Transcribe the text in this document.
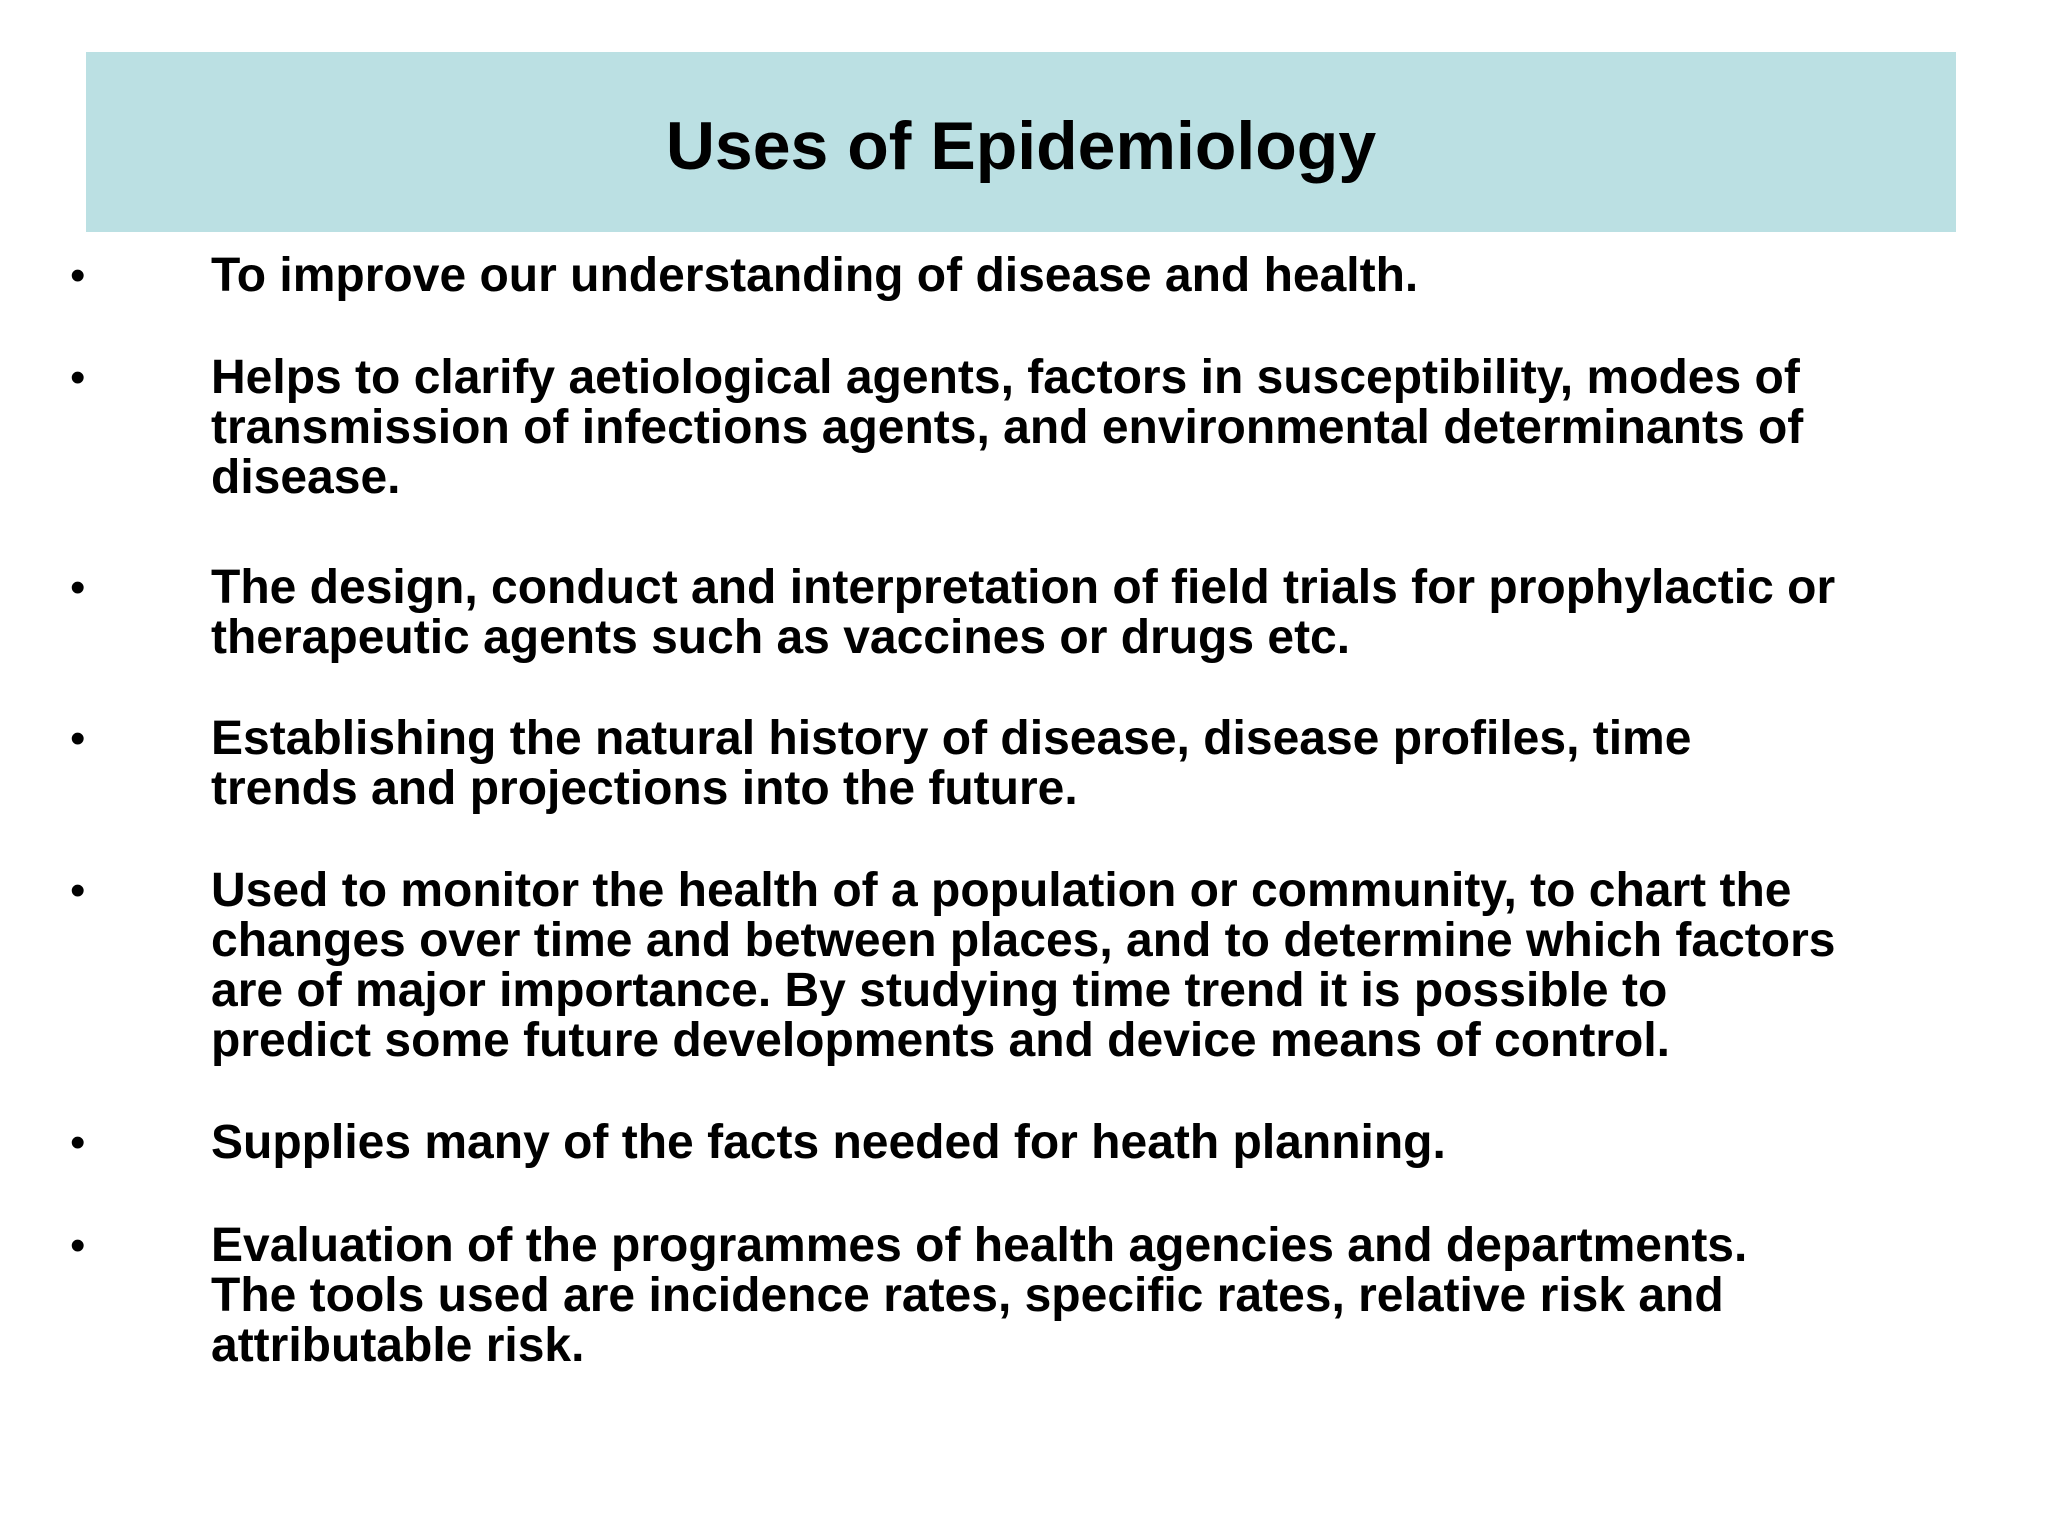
Uses of Epidemiology
•	To improve our understanding of disease and health.

•	Helps to clarify aetiological agents, factors in susceptibility, modes of
transmission of infections agents, and environmental determinants of
disease.

•	The design, conduct and interpretation of field trials for prophylactic or
therapeutic agents such as vaccines or drugs etc.

•	Establishing the natural history of disease, disease profiles, time
trends and projections into the future.

•	Used to monitor the health of a population or community, to chart the
changes over time and between places, and to determine which factors
are of major importance. By studying time trend it is possible to
predict some future developments and device means of control.

•	Supplies many of the facts needed for heath planning.

•	Evaluation of the programmes of health agencies and departments.
The tools used are incidence rates, specific rates, relative risk and
attributable risk.
